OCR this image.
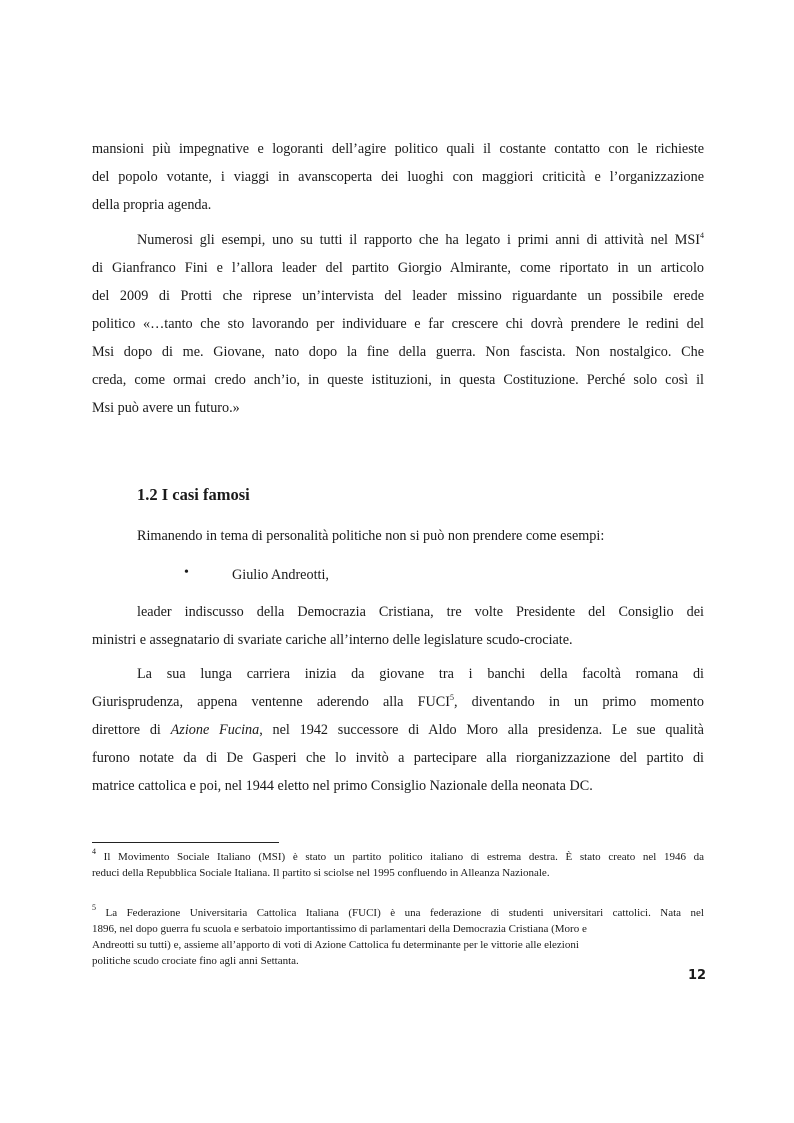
mansioni più impegnative e logoranti dell’agire politico quali il costante contatto con le richieste
del popolo votante, i viaggi in avanscoperta dei luoghi con maggiori criticità e l’organizzazione
della propria agenda.
Numerosi gli esempi, uno su tutti il rapporto che ha legato i primi anni di attività nel MSI$^4$
di Gianfranco Fini e l’allora leader del partito Giorgio Almirante, come riportato in un articolo
del 2009 di Protti che riprese un’intervista del leader missino riguardante un possibile erede
politico «…tanto che sto lavorando per individuare e far crescere chi dovrà prendere le redini del
Msi dopo di me. Giovane, nato dopo la fine della guerra. Non fascista. Non nostalgico. Che
creda, come ormai credo anch’io, in queste istituzioni, in questa Costituzione. Perché solo così il
Msi può avere un futuro.»
1.2 I casi famosi
Rimanendo in tema di personalità politiche non si può non prendere come esempi:
•	Giulio Andreotti,
leader indiscusso della Democrazia Cristiana, tre volte Presidente del Consiglio dei
ministri e assegnatario di svariate cariche all’interno delle legislature scudo-crociate.
La sua lunga carriera inizia da giovane tra i banchi della facoltà romana di
Giurisprudenza, appena ventenne aderendo alla FUCI$^5$, diventando in un primo momento
direttore di Azione Fucina, nel 1942 successore di Aldo Moro alla presidenza. Le sue qualità
furono notate da di De Gasperi che lo invitò a partecipare alla riorganizzazione del partito di
matrice cattolica e poi, nel 1944 eletto nel primo Consiglio Nazionale della neonata DC.
$^4$ Il Movimento Sociale Italiano (MSI) è stato un partito politico italiano di estrema destra. È stato creato nel 1946 da
reduci della Repubblica Sociale Italiana. Il partito si sciolse nel 1995 confluendo in Alleanza Nazionale.
$^5$ La Federazione Universitaria Cattolica Italiana (FUCI) è una federazione di studenti universitari cattolici. Nata nel
1896, nel dopo guerra fu scuola e serbatoio importantissimo di parlamentari della Democrazia Cristiana (Moro e
Andreotti su tutti) e, assieme all’apporto di voti di Azione Cattolica fu determinante per le vittorie alle elezioni
politiche scudo crociate fino agli anni Settanta.
12
